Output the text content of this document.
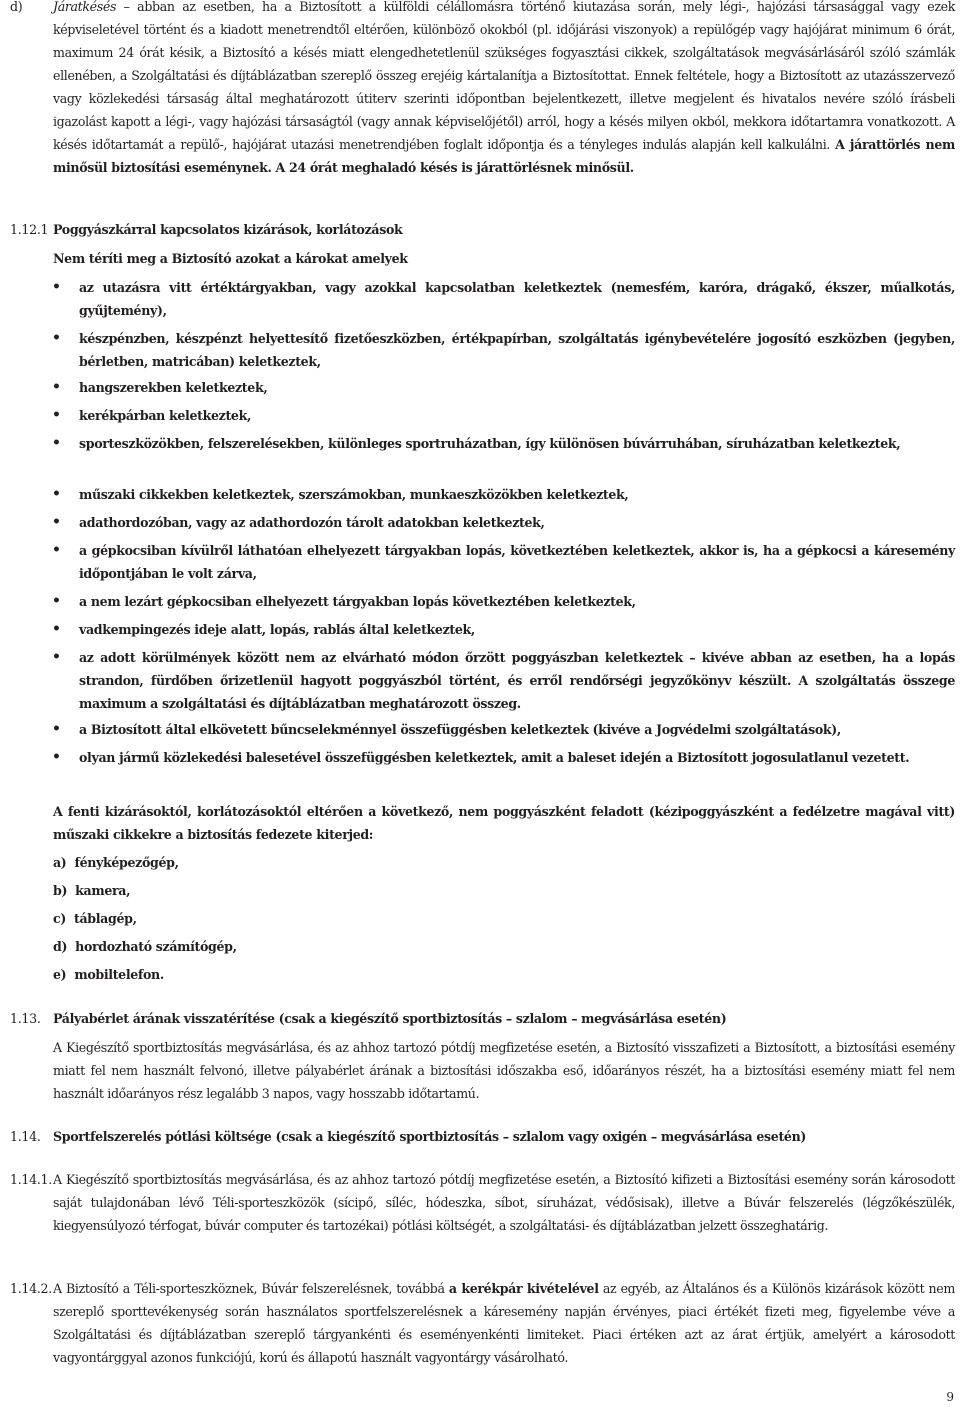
d) Járatkésés – abban az esetben, ha a Biztosított a külföldi célállomásra történő kiutazása során, mely légi-, hajózási társasággal vagy ezek képviseletével történt és a kiadott menetrendtől eltérően, különböző okokból (pl. időjárási viszonyok) a repülőgép vagy hajójárat minimum 6 órát, maximum 24 órát késik, a Biztosító a késés miatt elengedhetetlenül szükséges fogyasztási cikkek, szolgáltatások megvásárlásáról szóló számlák ellenében, a Szolgáltatási és díjtáblázatban szereplő összeg erejéig kártalanítja a Biztosítottat. Ennek feltétele, hogy a Biztosított az utazásszervező vagy közlekedési társaság által meghatározott útiterv szerinti időpontban bejelentkezett, illetve megjelent és hivatalos nevére szóló írásbeli igazolást kapott a légi-, vagy hajózási társaságtól (vagy annak képviselőjétől) arról, hogy a késés milyen okból, mekkora időtartamra vonatkozott. A késés időtartamát a repülő-, hajójárat utazási menetrendjében foglalt időpontja és a tényleges indulás alapján kell kalkulálni. A járattörlés nem minősül biztosítási eseménynek. A 24 órát meghaladó késés is járattörlésnek minősül.
1.12.1 Poggyászkárral kapcsolatos kizárások, korlátozások
Nem téríti meg a Biztosító azokat a károkat amelyek
• az utazásra vitt értéktárgyakban, vagy azokkal kapcsolatban keletkeztek (nemesfém, karóra, drágakő, ékszer, műalkotás, gyűjtemény),
• készpénzben, készpénzt helyettesítő fizetőeszközben, értékpapírban, szolgáltatás igénybevételére jogosító eszközben (jegyben, bérletben, matricában) keletkeztek,
• hangszerekben keletkeztek,
• kerékpárban keletkeztek,
• sporteszközökben, felszerelésekben, különleges sportruházatban, így különösen búvárruhában, síruházatban keletkeztek,
• műszaki cikkekben keletkeztek, szerszámokban, munkaeszközökben keletkeztek,
• adathordozóban, vagy az adathordozón tárolt adatokban keletkeztek,
• a gépkocsiban kívülről láthatóan elhelyezett tárgyakban lopás, következtében keletkeztek, akkor is, ha a gépkocsi a káresemény időpontjában le volt zárva,
• a nem lezárt gépkocsiban elhelyezett tárgyakban lopás következtében keletkeztek,
• vadkempingezés ideje alatt, lopás, rablás által keletkeztek,
• az adott körülmények között nem az elvárható módon őrzött poggyászban keletkeztek – kivéve abban az esetben, ha a lopás strandon, fürdőben őrizetlenül hagyott poggyászból történt, és erről rendőrségi jegyzőkönyv készült. A szolgáltatás összege maximum a szolgáltatási és díjtáblázatban meghatározott összeg.
• a Biztosított által elkövetett bűncselekménnyel összefüggésben keletkeztek (kivéve a Jogvédelmi szolgáltatások),
• olyan jármű közlekedési balesetével összefüggésben keletkeztek, amit a baleset idején a Biztosított jogosulatlanul vezetett.
A fenti kizárásoktól, korlátozásoktól eltérően a következő, nem poggyászként feladott (kézipoggyászként a fedélzetre magával vitt) műszaki cikkekre a biztosítás fedezete kiterjed:
a) fényképezőgép,
b) kamera,
c) táblagép,
d) hordozható számítógép,
e) mobiltelefon.
1.13. Pályabérlet árának visszatérítése (csak a kiegészítő sportbiztosítás – szlalom – megvásárlása esetén)
A Kiegészítő sportbiztosítás megvásárlása, és az ahhoz tartozó pótdíj megfizetése esetén, a Biztosító visszafizeti a Biztosított, a biztosítási esemény miatt fel nem használt felvonó, illetve pályabérlet árának a biztosítási időszakba eső, időarányos részét, ha a biztosítási esemény miatt fel nem használt időarányos rész legalább 3 napos, vagy hosszabb időtartamú.
1.14. Sportfelszerelés pótlási költsége (csak a kiegészítő sportbiztosítás – szlalom vagy oxigén – megvásárlása esetén)
1.14.1. A Kiegészítő sportbiztosítás megvásárlása, és az ahhoz tartozó pótdíj megfizetése esetén, a Biztosító kifizeti a Biztosítási esemény során károsodott saját tulajdonában lévő Téli-sporteszközök (sícipő, síléc, hódeszka, síbot, síruházat, védősisak), illetve a Búvár felszerelés (légzőkészülék, kiegyensúlyozó térfogat, búvár computer és tartozékai) pótlási költségét, a szolgáltatási- és díjtáblázatban jelzett összeghatárig.
1.14.2. A Biztosító a Téli-sporteszköznek, Búvár felszerelésnek, továbbá a kerékpár kivételével az egyéb, az Általános és a Különös kizárások között nem szereplő sporttevékenység során használatos sportfelszerelésnek a káresemény napján érvényes, piaci értékét fizeti meg, figyelembe véve a Szolgáltatási és díjtáblázatban szereplő tárgyankénti és eseményenkénti limiteket. Piaci értéken azt az árat értjük, amelyért a károsodott vagyontárggyal azonos funkciójú, korú és állapotú használt vagyontárgy vásárolható.
9
